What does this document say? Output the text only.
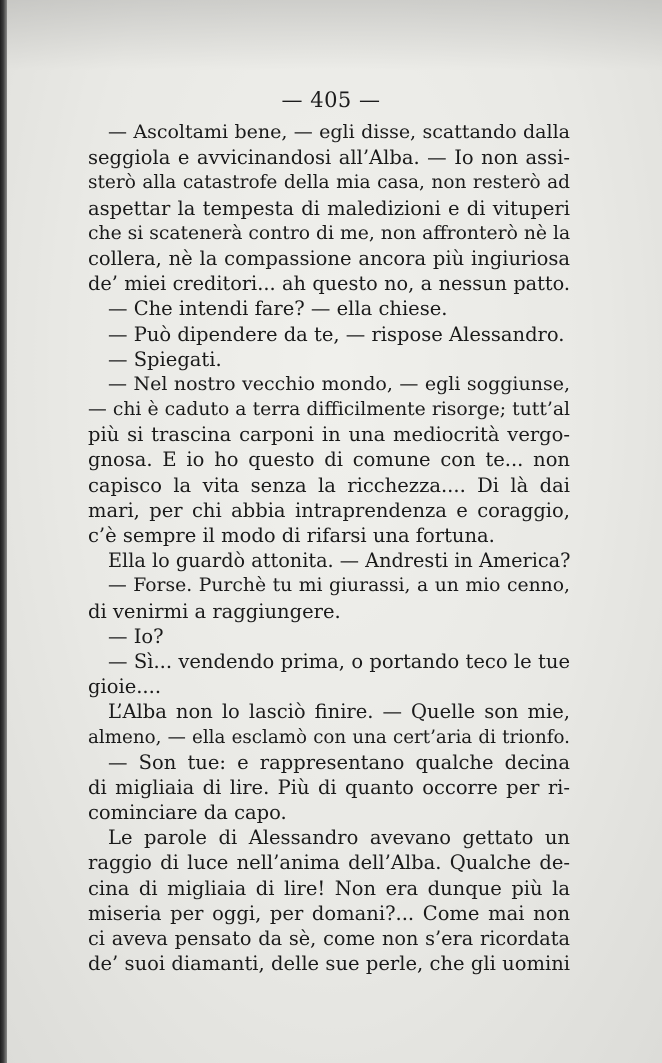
— 405 —
— Ascoltami bene, — egli disse, scattando dalla
seggiola e avvicinandosi all’Alba. — Io non assi-
sterò alla catastrofe della mia casa, non resterò ad
aspettar la tempesta di maledizioni e di vituperi
che si scatenerà contro di me, non affronterò nè la
collera, nè la compassione ancora più ingiuriosa
de’ miei creditori... ah questo no, a nessun patto.
— Che intendi fare? — ella chiese.
— Può dipendere da te, — rispose Alessandro.
— Spiegati.
— Nel nostro vecchio mondo, — egli soggiunse,
— chi è caduto a terra difficilmente risorge; tutt’al
più si trascina carponi in una mediocrità vergo-
gnosa. E io ho questo di comune con te... non
capisco la vita senza la ricchezza.... Di là dai
mari, per chi abbia intraprendenza e coraggio,
c’è sempre il modo di rifarsi una fortuna.
Ella lo guardò attonita. — Andresti in America?
— Forse. Purchè tu mi giurassi, a un mio cenno,
di venirmi a raggiungere.
— Io?
— Sì... vendendo prima, o portando teco le tue
gioie....
L’Alba non lo lasciò finire. — Quelle son mie,
almeno, — ella esclamò con una cert’aria di trionfo.
— Son tue: e rappresentano qualche decina
di migliaia di lire. Più di quanto occorre per ri-
cominciare da capo.
Le parole di Alessandro avevano gettato un
raggio di luce nell’anima dell’Alba. Qualche de-
cina di migliaia di lire! Non era dunque più la
miseria per oggi, per domani?... Come mai non
ci aveva pensato da sè, come non s’era ricordata
de’ suoi diamanti, delle sue perle, che gli uomini
